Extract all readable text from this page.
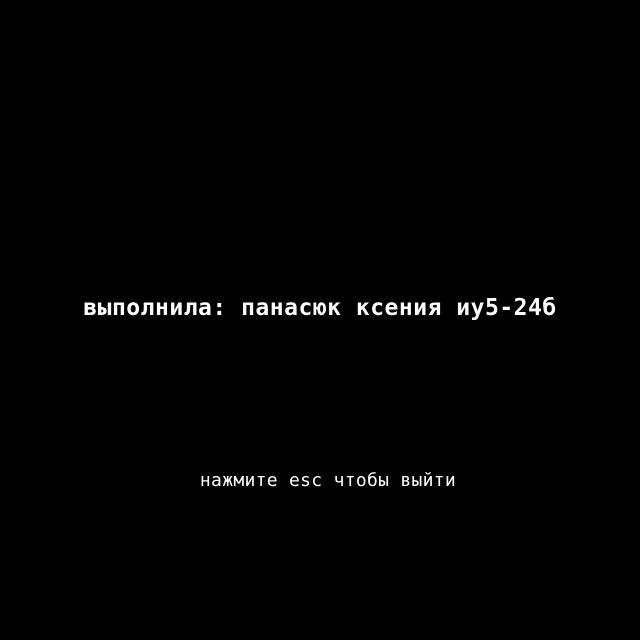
выполнила: панасюк ксения иу5-24б
нажмите esc чтобы выйти
